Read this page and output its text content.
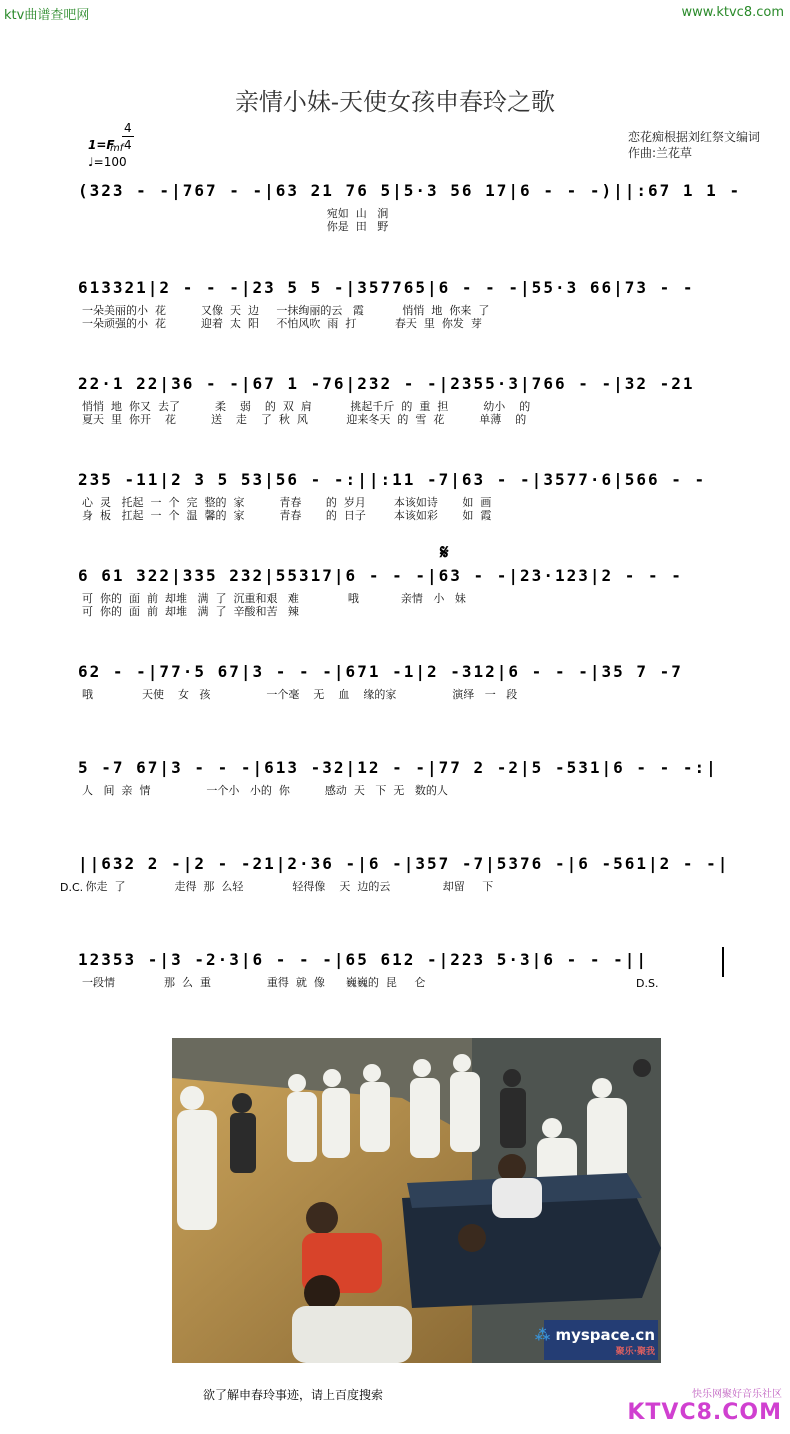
ktv曲谱查吧网	www.ktvc8.com
亲情小妹-天使女孩申春玲之歌
恋花痴根据刘红祭文编词
作曲:兰花草
1=F
mf
4
4
♩=100
(323 - -|767 - -|63 21 76 5|5·3 56 17|6 - - -)||:67 1 1 -
宛如  山   涧
你是  田   野
613321|2 - - -|23 5 5 -|357765|6 - - -|55·3 66|73 - -
一朵美丽的小  花          又像  天  边     一抹绚丽的云   霞           悄悄  地  你来  了
一朵顽强的小  花          迎着  太  阳     不怕风吹  雨  打           春天  里  你发  芽
22·1 22|36 - -|67 1 -76|232 - -|2355·3|766 - -|32 -21
悄悄  地  你又  去了          柔    弱    的  双  肩           挑起千斤  的  重  担          幼小    的
夏天  里  你开    花          送    走    了  秋  风           迎来冬天  的  雪  花          单薄    的
235 -11|2 3 5 53|56 - -:||:11 -7|63 - -|3577·6|566 - -
心  灵   托起  一  个  完  整的  家          青春       的  岁月        本该如诗       如  画
身  板   扛起  一  个  温  馨的  家          青春       的  日子        本该如彩       如  霞
𝄋
6 61 322|335 232|55317|6 - - -|63 - -|23·123|2 - - -
可  你的  面  前  却堆   满  了  沉重和艰   难              哦            亲情   小   妹
可  你的  面  前  却堆   满  了  辛酸和苦   辣
62 - -|77·5 67|3 - - -|671 -1|2 -312|6 - - -|35 7 -7
哦              天使    女   孩                一个毫    无    血    缘的家                演绎   一   段
5 -7 67|3 - - -|613 -32|12 - -|77 2 -2|5 -531|6 - - -:|
人   间  亲  情                一个小   小的  你          感动  天   下  无   数的人
||632 2 -|2 - -21|2·36 -|6 -|357 -7|5376 -|6 -561|2 - -|
你走  了              走得  那  么轻              轻得像    天  边的云               却留     下
D.C.
12353 -|3 -2·3|6 - - -|65 612 -|223 5·3|6 - - -||
一段情              那  么  重                重得  就  像      巍巍的  昆     仑	D.S.
⁂ myspace.cn
聚乐·聚我
欲了解申春玲事迹，请上百度搜索	快乐网聚好音乐社区
KTVC8.COM
